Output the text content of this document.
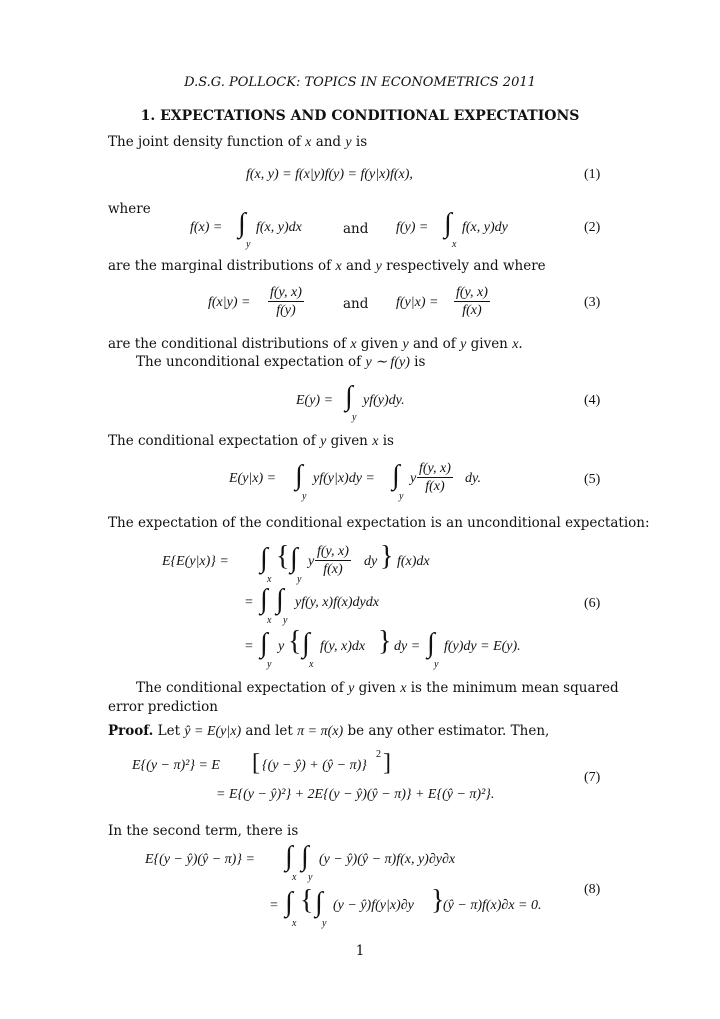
D.S.G. POLLOCK: TOPICS IN ECONOMETRICS 2011
1. EXPECTATIONS AND CONDITIONAL EXPECTATIONS
The joint density function of x and y is
f(x, y) = f(x|y)f(y) = f(y|x)f(x),	(1)
where
f(x) = ∫
y
f(x, y)dx	and f(y) = ∫
x
f(x, y)dy	(2)
are the marginal distributions of x and y respectively and where
$f(x|y) = \frac{f(y, x)}{f(y)}$	and $f(y|x) = \frac{f(y, x)}{f(x)}$	(3)
are the conditional distributions of x given y and of y given x.
The unconditional expectation of y ∼ f(y) is
E(y) = ∫
y
yf(y)dy.	(4)
The conditional expectation of y given x is
E(y|x) = ∫
y
yf(y|x)dy = ∫
y
y $\frac{f(y, x)}{f(x)}$ dy.	(5)
The expectation of the conditional expectation is an unconditional expectation:
E{E(y|x)} = ∫
x
{ ∫
y
y $\frac{f(y, x)}{f(x)}$ dy } f(x)dx
= ∫
x
∫
y
yf(y, x)f(x)dydx	(6)
= ∫
y
y { ∫
x
f(y, x)dx } dy = ∫
y
f(y)dy = E(y).
The conditional expectation of y given x is the minimum mean squared
error prediction
Proof. Let ŷ = E(y|x) and let π = π(x) be any other estimator. Then,
E{(y − π)²} = E [ {(y − ŷ) + (ŷ − π)}
2 ]
(7)
= E{(y − ŷ)²} + 2E{(y − ŷ)(ŷ − π)} + E{(ŷ − π)²}.
In the second term, there is
E{(y − ŷ)(ŷ − π)} = ∫
x
∫
y
(y − ŷ)(ŷ − π)f(x, y)∂y∂x
(8)
= ∫
x
{ ∫
y
(y − ŷ)f(y|x)∂y }
(ŷ − π)f(x)∂x = 0.
1
